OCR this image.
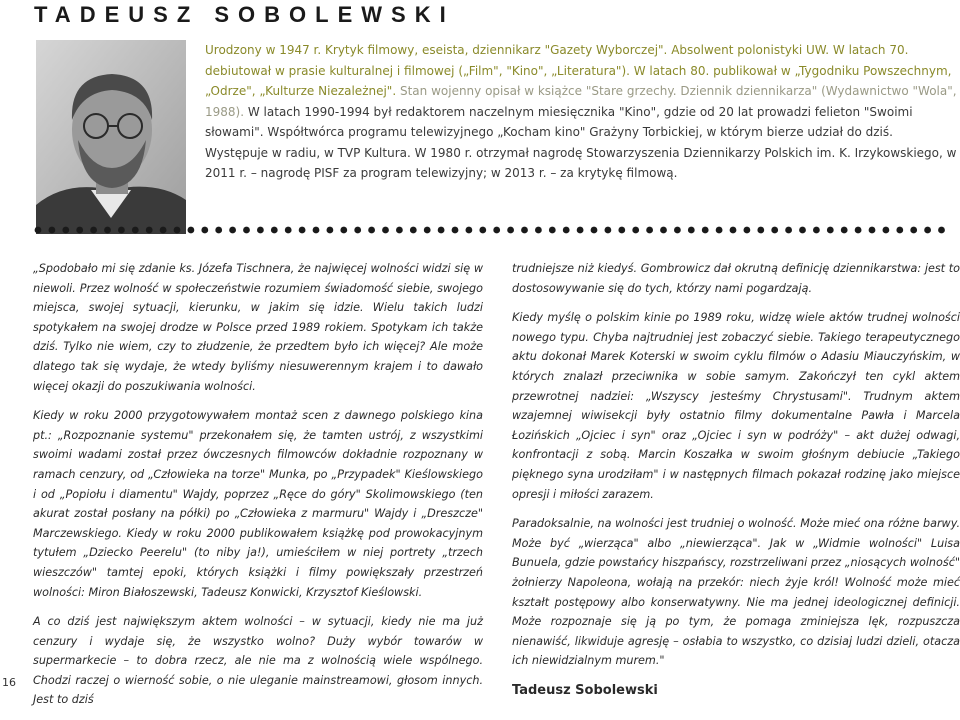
TADEUSZ SOBOLEWSKI

Urodzony w 1947 r. Krytyk filmowy, eseista, dziennikarz "Gazety Wyborczej". Absolwent polonistyki UW. W latach 70. debiutował w prasie kulturalnej i filmowej („Film", "Kino", „Literatura"). W latach 80. publikował w „Tygodniku Powszechnym, „Odrze", „Kulturze Niezależnej". Stan wojenny opisał w książce "Stare grzechy. Dziennik dziennikarza" (Wydawnictwo "Wola", 1988). W latach 1990-1994 był redaktorem naczelnym miesięcznika "Kino", gdzie od 20 lat prowadzi felieton "Swoimi słowami". Współtwórca programu telewizyjnego „Kocham kino" Grażyny Torbickiej, w którym bierze udział do dziś. Występuje w radiu, w TVP Kultura. W 1980 r. otrzymał nagrodę Stowarzyszenia Dziennikarzy Polskich im. K. Irzykowskiego, w 2011 r. – nagrodę PISF za program telewizyjny; w 2013 r. – za krytykę filmową.

„Spodobało mi się zdanie ks. Józefa Tischnera, że najwięcej wolności widzi się w niewoli. Przez wolność w społeczeństwie rozumiem świadomość siebie, swojego miejsca, swojej sytuacji, kierunku, w jakim się idzie. Wielu takich ludzi spotykałem na swojej drodze w Polsce przed 1989 rokiem. Spotykam ich także dziś. Tylko nie wiem, czy to złudzenie, że przedtem było ich więcej? Ale może dlatego tak się wydaje, że wtedy byliśmy niesuwerennym krajem i to dawało więcej okazji do poszukiwania wolności.

Kiedy w roku 2000 przygotowywałem montaż scen z dawnego polskiego kina pt.: „Rozpoznanie systemu" przekonałem się, że tamten ustrój, z wszystkimi swoimi wadami został przez ówczesnych filmowców dokładnie rozpoznany w ramach cenzury, od „Człowieka na torze" Munka, po „Przypadek" Kieślowskiego i od „Popiołu i diamentu" Wajdy, poprzez „Ręce do góry" Skolimowskiego (ten akurat został posłany na półki) po „Człowieka z marmuru" Wajdy i „Dreszcze" Marczewskiego. Kiedy w roku 2000 publikowałem książkę pod prowokacyjnym tytułem „Dziecko Peerelu" (to niby ja!), umieściłem w niej portrety „trzech wieszczów" tamtej epoki, których książki i filmy powiększały przestrzeń wolności: Miron Białoszewski, Tadeusz Konwicki, Krzysztof Kieślowski.

A co dziś jest największym aktem wolności – w sytuacji, kiedy nie ma już cenzury i wydaje się, że wszystko wolno? Duży wybór towarów w supermarkecie – to dobra rzecz, ale nie ma z wolnością wiele wspólnego. Chodzi raczej o wierność sobie, o nie uleganie mainstreamowi, głosom innych. Jest to dziś

trudniejsze niż kiedyś. Gombrowicz dał okrutną definicję dziennikarstwa: jest to dostosowywanie się do tych, którzy nami pogardzają.

Kiedy myślę o polskim kinie po 1989 roku, widzę wiele aktów trudnej wolności nowego typu. Chyba najtrudniej jest zobaczyć siebie. Takiego terapeutycznego aktu dokonał Marek Koterski w swoim cyklu filmów o Adasiu Miauczyńskim, w których znalazł przeciwnika w sobie samym. Zakończył ten cykl aktem przewrotnej nadziei: „Wszyscy jesteśmy Chrystusami". Trudnym aktem wzajemnej wiwisekcji były ostatnio filmy dokumentalne Pawła i Marcela Łozińskich „Ojciec i syn" oraz „Ojciec i syn w podróży" – akt dużej odwagi, konfrontacji z sobą. Marcin Koszałka w swoim głośnym debiucie „Takiego pięknego syna urodziłam" i w następnych filmach pokazał rodzinę jako miejsce opresji i miłości zarazem.

Paradoksalnie, na wolności jest trudniej o wolność. Może mieć ona różne barwy. Może być „wierząca" albo „niewierząca". Jak w „Widmie wolności" Luisa Bunuela, gdzie powstańcy hiszpańscy, rozstrzeliwani przez „niosących wolność" żołnierzy Napoleona, wołają na przekór: niech żyje król! Wolność może mieć kształt postępowy albo konserwatywny. Nie ma jednej ideologicznej definicji. Może rozpoznaje się ją po tym, że pomaga zminiejsza lęk, rozpuszcza nienawiść, likwiduje agresję – osłabia to wszystko, co dzisiaj ludzi dzieli, otacza ich niewidzialnym murem."

Tadeusz Sobolewski
16
